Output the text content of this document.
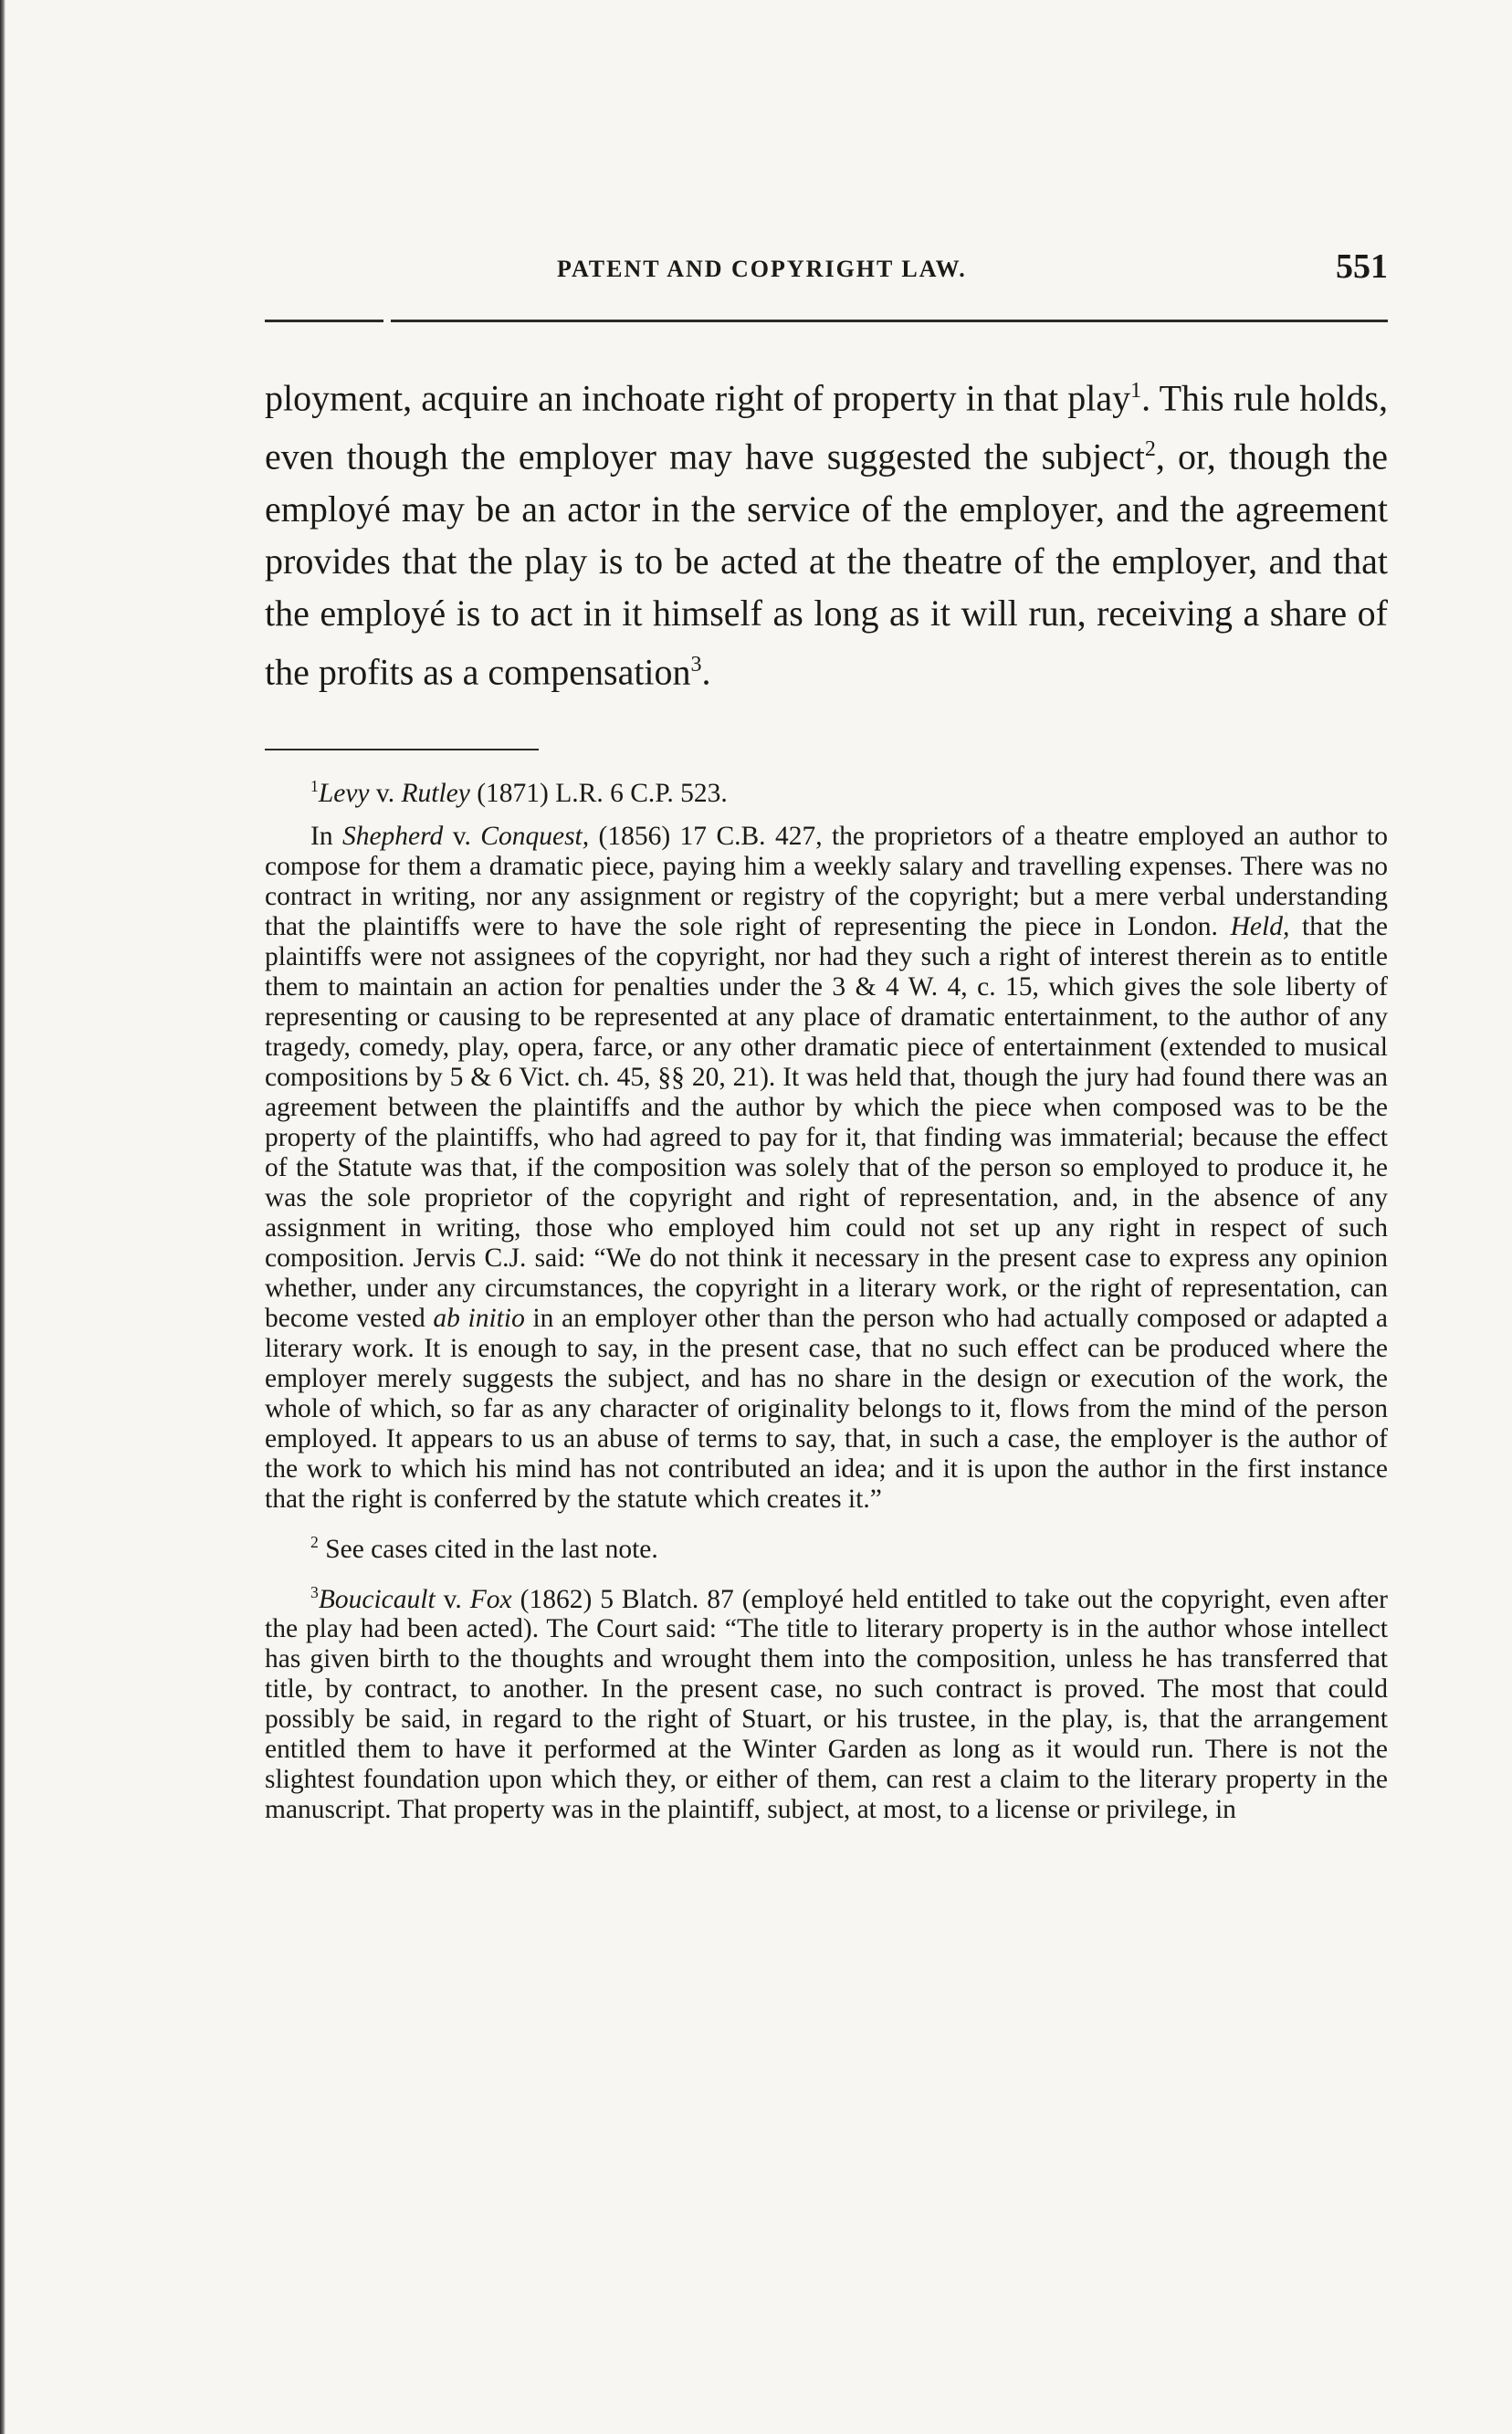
PATENT AND COPYRIGHT LAW.	551
ployment, acquire an inchoate right of property in that play$^1$. This rule holds, even though the employer may have suggested the subject$^2$, or, though the employé may be an actor in the service of the employer, and the agreement provides that the play is to be acted at the theatre of the employer, and that the employé is to act in it himself as long as it will run, receiving a share of the profits as a compensation$^3$.

$^1$Levy v. Rutley (1871) L.R. 6 C.P. 523.

In Shepherd v. Conquest, (1856) 17 C.B. 427, the proprietors of a theatre employed an author to compose for them a dramatic piece, paying him a weekly salary and travelling expenses. There was no contract in writing, nor any assignment or registry of the copyright; but a mere verbal understanding that the plaintiffs were to have the sole right of representing the piece in London. Held, that the plaintiffs were not assignees of the copyright, nor had they such a right of interest therein as to entitle them to maintain an action for penalties under the 3 & 4 W. 4, c. 15, which gives the sole liberty of representing or causing to be represented at any place of dramatic entertainment, to the author of any tragedy, comedy, play, opera, farce, or any other dramatic piece of entertainment (extended to musical compositions by 5 & 6 Vict. ch. 45, §§ 20, 21). It was held that, though the jury had found there was an agreement between the plaintiffs and the author by which the piece when composed was to be the property of the plaintiffs, who had agreed to pay for it, that finding was immaterial; because the effect of the Statute was that, if the composition was solely that of the person so employed to produce it, he was the sole proprietor of the copyright and right of representation, and, in the absence of any assignment in writing, those who employed him could not set up any right in respect of such composition. Jervis C.J. said: “We do not think it necessary in the present case to express any opinion whether, under any circumstances, the copyright in a literary work, or the right of representation, can become vested ab initio in an employer other than the person who had actually composed or adapted a literary work. It is enough to say, in the present case, that no such effect can be produced where the employer merely suggests the subject, and has no share in the design or execution of the work, the whole of which, so far as any character of originality belongs to it, flows from the mind of the person employed. It appears to us an abuse of terms to say, that, in such a case, the employer is the author of the work to which his mind has not contributed an idea; and it is upon the author in the first instance that the right is conferred by the statute which creates it.”

$^2$ See cases cited in the last note.

$^3$Boucicault v. Fox (1862) 5 Blatch. 87 (employé held entitled to take out the copyright, even after the play had been acted). The Court said: “The title to literary property is in the author whose intellect has given birth to the thoughts and wrought them into the composition, unless he has transferred that title, by contract, to another. In the present case, no such contract is proved. The most that could possibly be said, in regard to the right of Stuart, or his trustee, in the play, is, that the arrangement entitled them to have it performed at the Winter Garden as long as it would run. There is not the slightest foundation upon which they, or either of them, can rest a claim to the literary property in the manuscript. That property was in the plaintiff, subject, at most, to a license or privilege, in
